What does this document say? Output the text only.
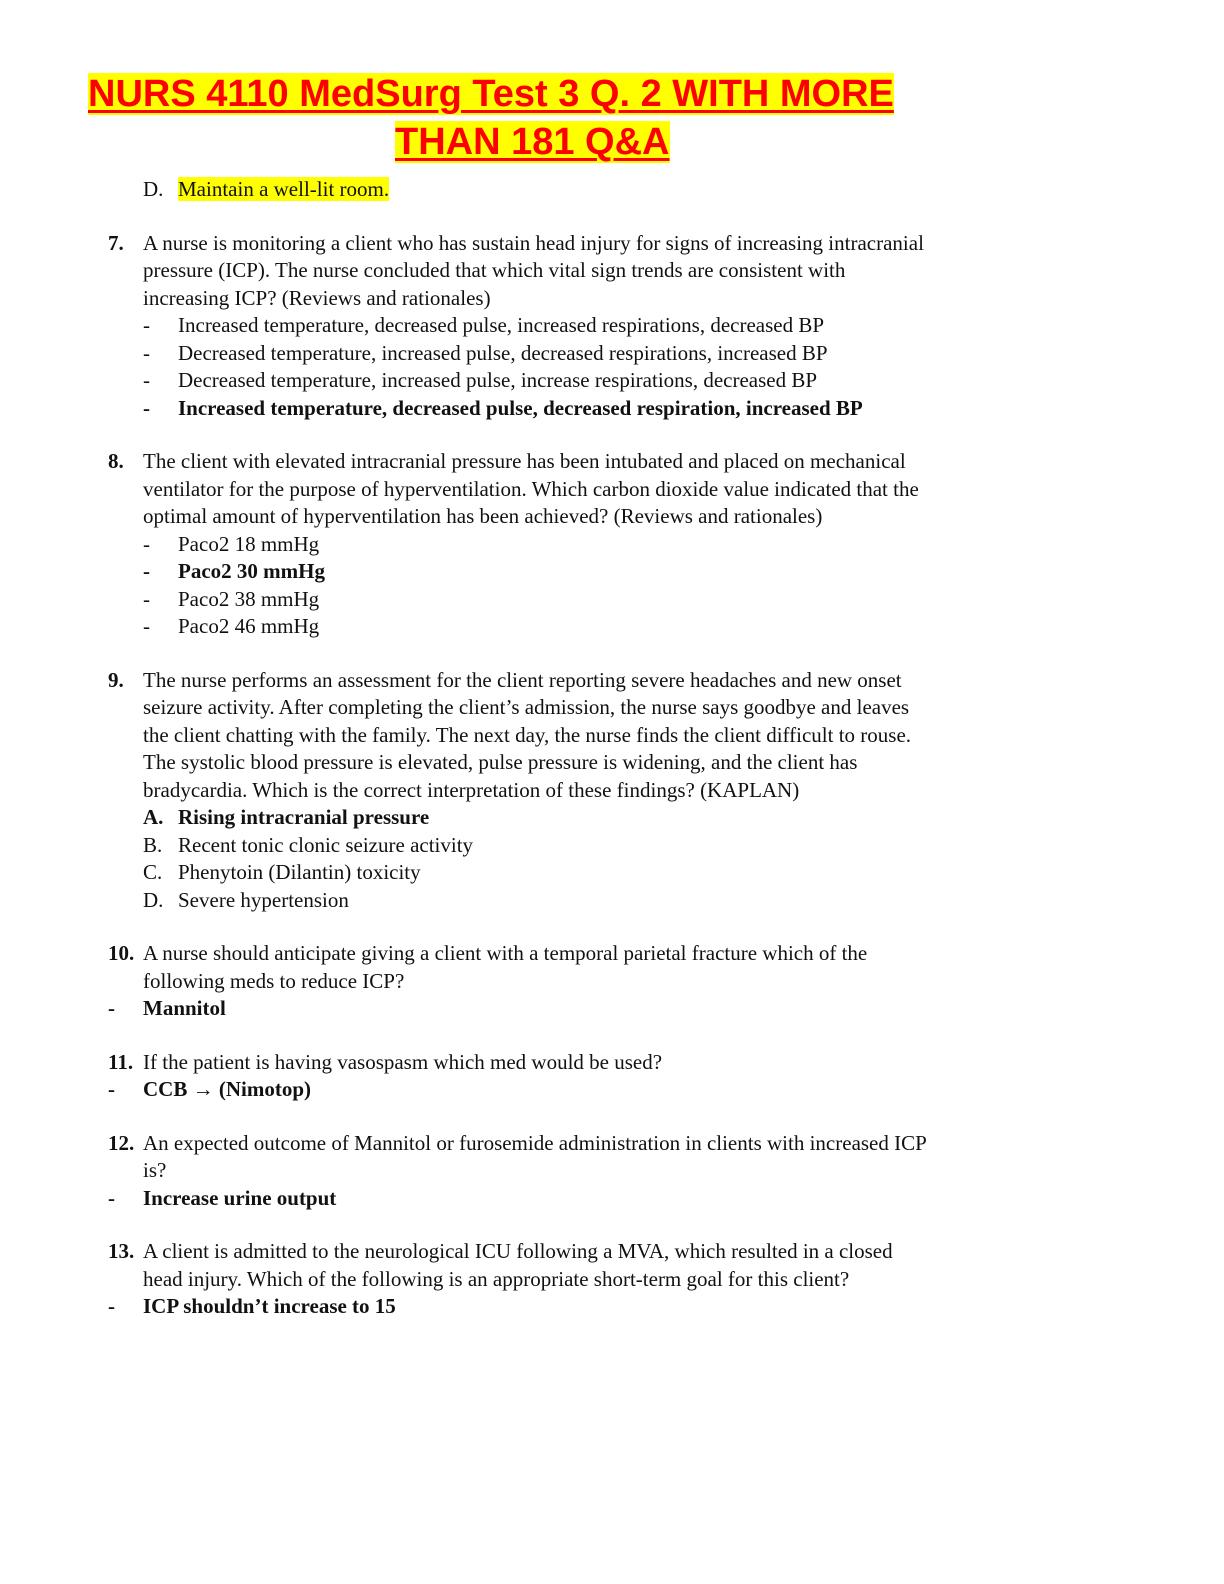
NURS 4110 MedSurg Test 3 Q. 2 WITH MORE
THAN 181 Q&A
D. Maintain a well-lit room.
7. A nurse is monitoring a client who has sustain head injury for signs of increasing intracranial pressure (ICP). The nurse concluded that which vital sign trends are consistent with increasing ICP? (Reviews and rationales)
-	Increased temperature, decreased pulse, increased respirations, decreased BP
-	Decreased temperature, increased pulse, decreased respirations, increased BP
-	Decreased temperature, increased pulse, increase respirations, decreased BP
-	Increased temperature, decreased pulse, decreased respiration, increased BP
8. The client with elevated intracranial pressure has been intubated and placed on mechanical ventilator for the purpose of hyperventilation. Which carbon dioxide value indicated that the optimal amount of hyperventilation has been achieved? (Reviews and rationales)
-	Paco2 18 mmHg
-	Paco2 30 mmHg
-	Paco2 38 mmHg
-	Paco2 46 mmHg
9. The nurse performs an assessment for the client reporting severe headaches and new onset seizure activity. After completing the client’s admission, the nurse says goodbye and leaves the client chatting with the family. The next day, the nurse finds the client difficult to rouse. The systolic blood pressure is elevated, pulse pressure is widening, and the client has bradycardia. Which is the correct interpretation of these findings? (KAPLAN)
A. Rising intracranial pressure
B. Recent tonic clonic seizure activity
C. Phenytoin (Dilantin) toxicity
D. Severe hypertension
10. A nurse should anticipate giving a client with a temporal parietal fracture which of the following meds to reduce ICP?
-	Mannitol
11. If the patient is having vasospasm which med would be used?
-	CCB → (Nimotop)
12. An expected outcome of Mannitol or furosemide administration in clients with increased ICP is?
-	Increase urine output
13. A client is admitted to the neurological ICU following a MVA, which resulted in a closed head injury. Which of the following is an appropriate short-term goal for this client?
-	ICP shouldn’t increase to 15
